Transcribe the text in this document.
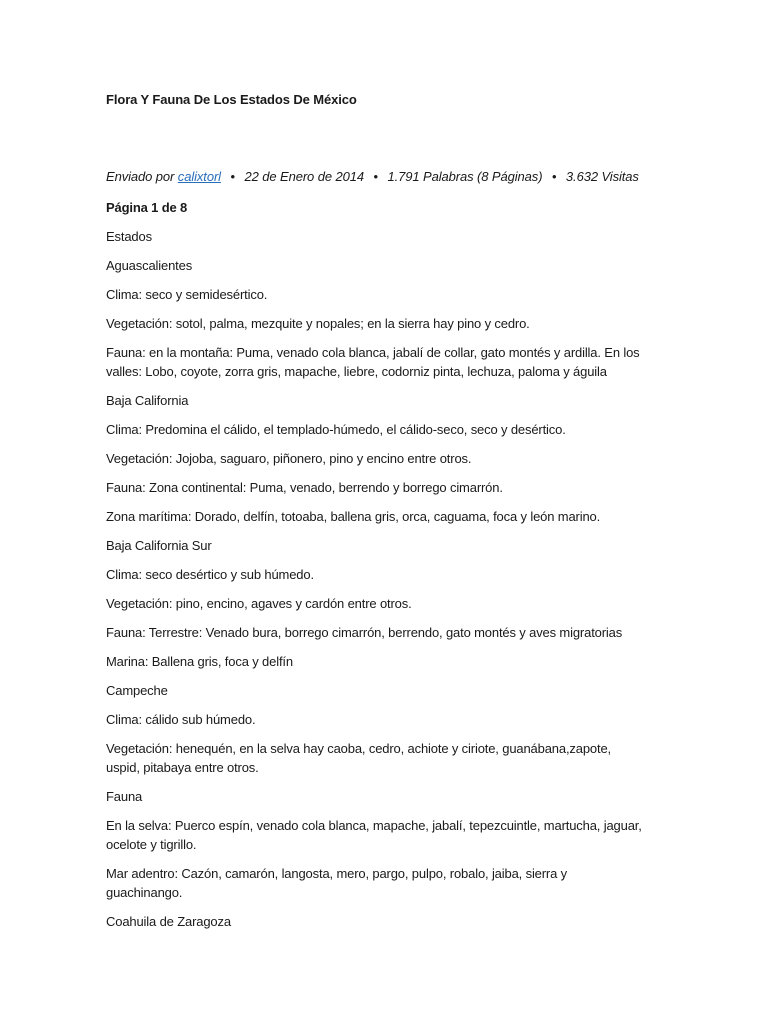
Flora Y Fauna De Los Estados De México
Enviado por calixtorl • 22 de Enero de 2014 • 1.791 Palabras (8 Páginas) • 3.632 Visitas

Página 1 de 8

Estados

Aguascalientes

Clima: seco y semidesértico.

Vegetación: sotol, palma, mezquite y nopales; en la sierra hay pino y cedro.

Fauna: en la montaña: Puma, venado cola blanca, jabalí de collar, gato montés y ardilla. En los valles: Lobo, coyote, zorra gris, mapache, liebre, codorniz pinta, lechuza, paloma y águila

Baja California

Clima: Predomina el cálido, el templado-húmedo, el cálido-seco, seco y desértico.

Vegetación: Jojoba, saguaro, piñonero, pino y encino entre otros.

Fauna: Zona continental: Puma, venado, berrendo y borrego cimarrón.

Zona marítima: Dorado, delfín, totoaba, ballena gris, orca, caguama, foca y león marino.

Baja California Sur

Clima: seco desértico y sub húmedo.

Vegetación: pino, encino, agaves y cardón entre otros.

Fauna: Terrestre: Venado bura, borrego cimarrón, berrendo, gato montés y aves migratorias

Marina: Ballena gris, foca y delfín

Campeche

Clima: cálido sub húmedo.

Vegetación: henequén, en la selva hay caoba, cedro, achiote y ciriote, guanábana,zapote, uspid, pitabaya entre otros.

Fauna

En la selva: Puerco espín, venado cola blanca, mapache, jabalí, tepezcuintle, martucha, jaguar, ocelote y tigrillo.

Mar adentro: Cazón, camarón, langosta, mero, pargo, pulpo, robalo, jaiba, sierra y guachinango.

Coahuila de Zaragoza
